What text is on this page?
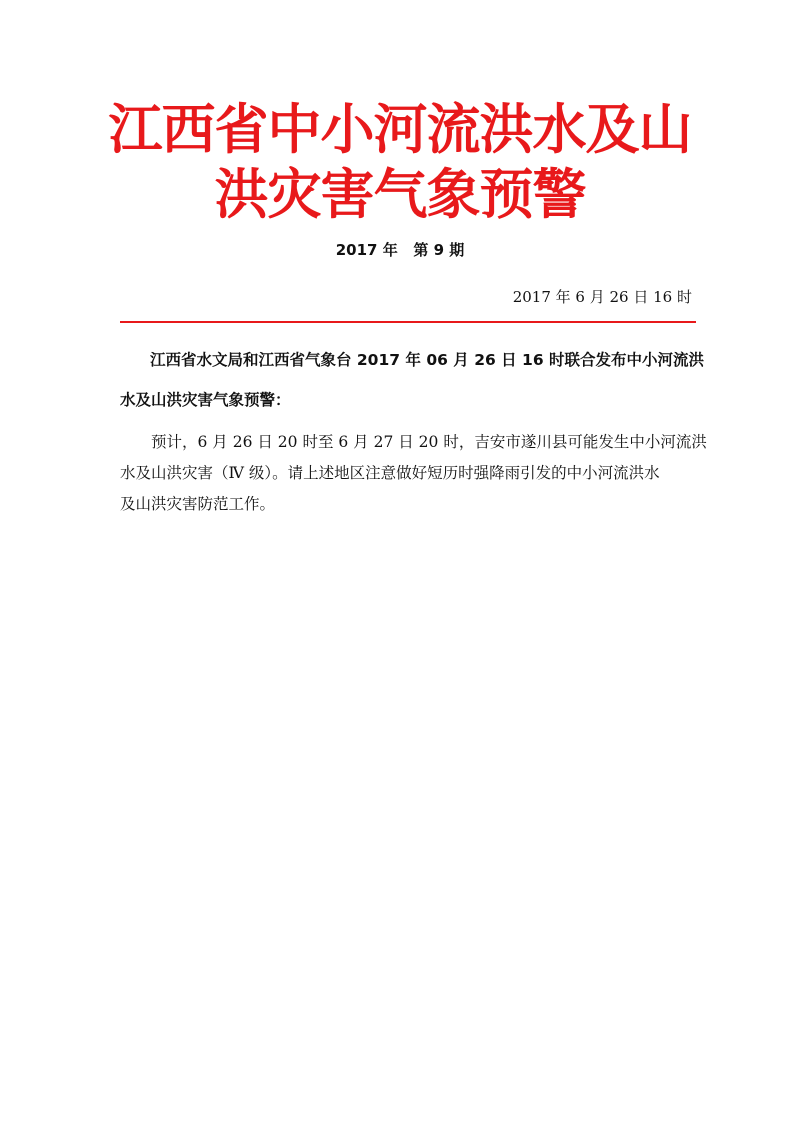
江西省中小河流洪水及山
洪灾害气象预警
2017 年   第 9 期
2017 年 6 月 26 日 16 时
江西省水文局和江西省气象台 2017 年 06 月 26 日 16 时联合发布中小河流洪
水及山洪灾害气象预警：
预计，6 月 26 日 20 时至 6 月 27 日 20 时，吉安市遂川县可能发生中小河流洪
水及山洪灾害（Ⅳ 级）。请上述地区注意做好短历时强降雨引发的中小河流洪水
及山洪灾害防范工作。
